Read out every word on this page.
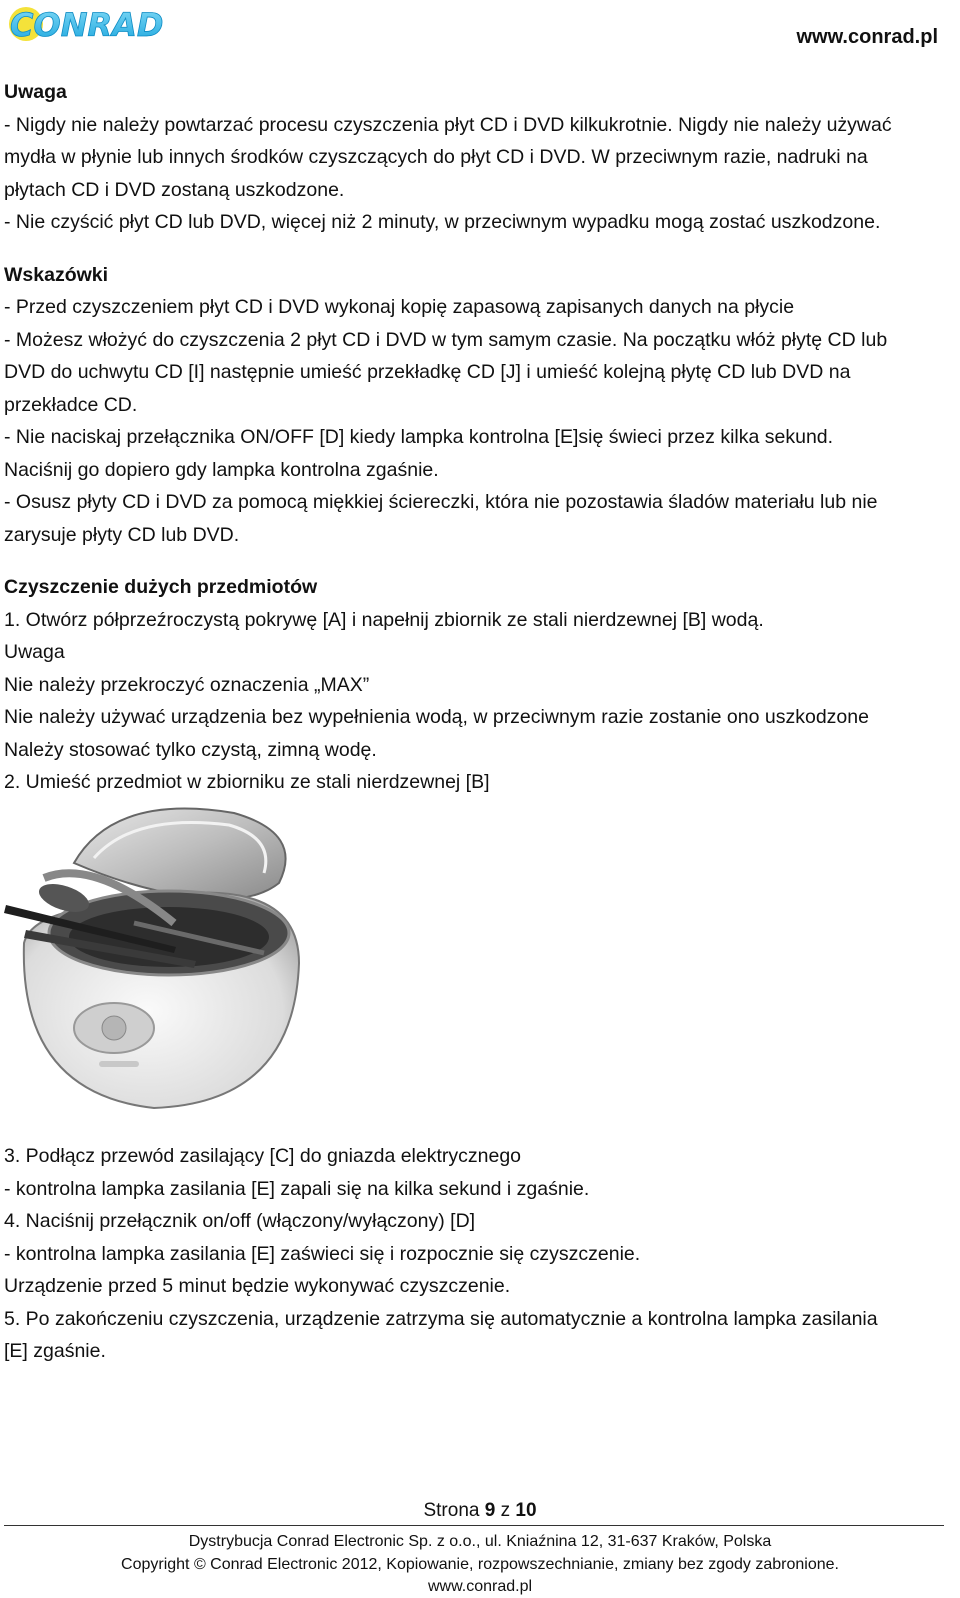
CONRAD	www.conrad.pl

Uwaga

- Nigdy nie należy powtarzać procesu czyszczenia płyt CD i DVD kilkukrotnie. Nigdy nie należy używać

mydła w płynie lub innych środków czyszczących do płyt CD i DVD. W przeciwnym razie, nadruki na

płytach CD i DVD zostaną uszkodzone.

- Nie czyścić płyt CD lub DVD, więcej niż 2 minuty, w przeciwnym wypadku mogą zostać uszkodzone.

Wskazówki

- Przed czyszczeniem płyt CD i DVD wykonaj kopię zapasową zapisanych danych na płycie

- Możesz włożyć do czyszczenia 2 płyt CD i DVD w tym samym czasie. Na początku włóż płytę CD lub

DVD do uchwytu CD [I] następnie umieść przekładkę CD [J] i umieść kolejną płytę CD lub DVD na

przekładce CD.

- Nie naciskaj przełącznika ON/OFF [D] kiedy lampka kontrolna [E]się świeci przez kilka sekund.

Naciśnij go dopiero gdy lampka kontrolna zgaśnie.

- Osusz płyty CD i DVD za pomocą miękkiej ściereczki, która nie pozostawia śladów materiału lub nie

zarysuje płyty CD lub DVD.

Czyszczenie dużych przedmiotów

1. Otwórz półprzeźroczystą pokrywę [A] i napełnij zbiornik ze stali nierdzewnej [B] wodą.

Uwaga

Nie należy przekroczyć oznaczenia „MAX”

Nie należy używać urządzenia bez wypełnienia wodą, w przeciwnym razie zostanie ono uszkodzone

Należy stosować tylko czystą, zimną wodę.

2. Umieść przedmiot w zbiorniku ze stali nierdzewnej [B]

3. Podłącz przewód zasilający [C] do gniazda elektrycznego

- kontrolna lampka zasilania [E] zapali się na kilka sekund i zgaśnie.

4. Naciśnij przełącznik on/off (włączony/wyłączony) [D]

- kontrolna lampka zasilania [E] zaświeci się i rozpocznie się czyszczenie.

Urządzenie przed 5 minut będzie wykonywać czyszczenie.

5. Po zakończeniu czyszczenia, urządzenie zatrzyma się automatycznie a kontrolna lampka zasilania

[E] zgaśnie.

Strona 9 z 10
Dystrybucja Conrad Electronic Sp. z o.o., ul. Kniaźnina 12, 31-637 Kraków, Polska
Copyright © Conrad Electronic 2012, Kopiowanie, rozpowszechnianie, zmiany bez zgody zabronione.
www.conrad.pl
